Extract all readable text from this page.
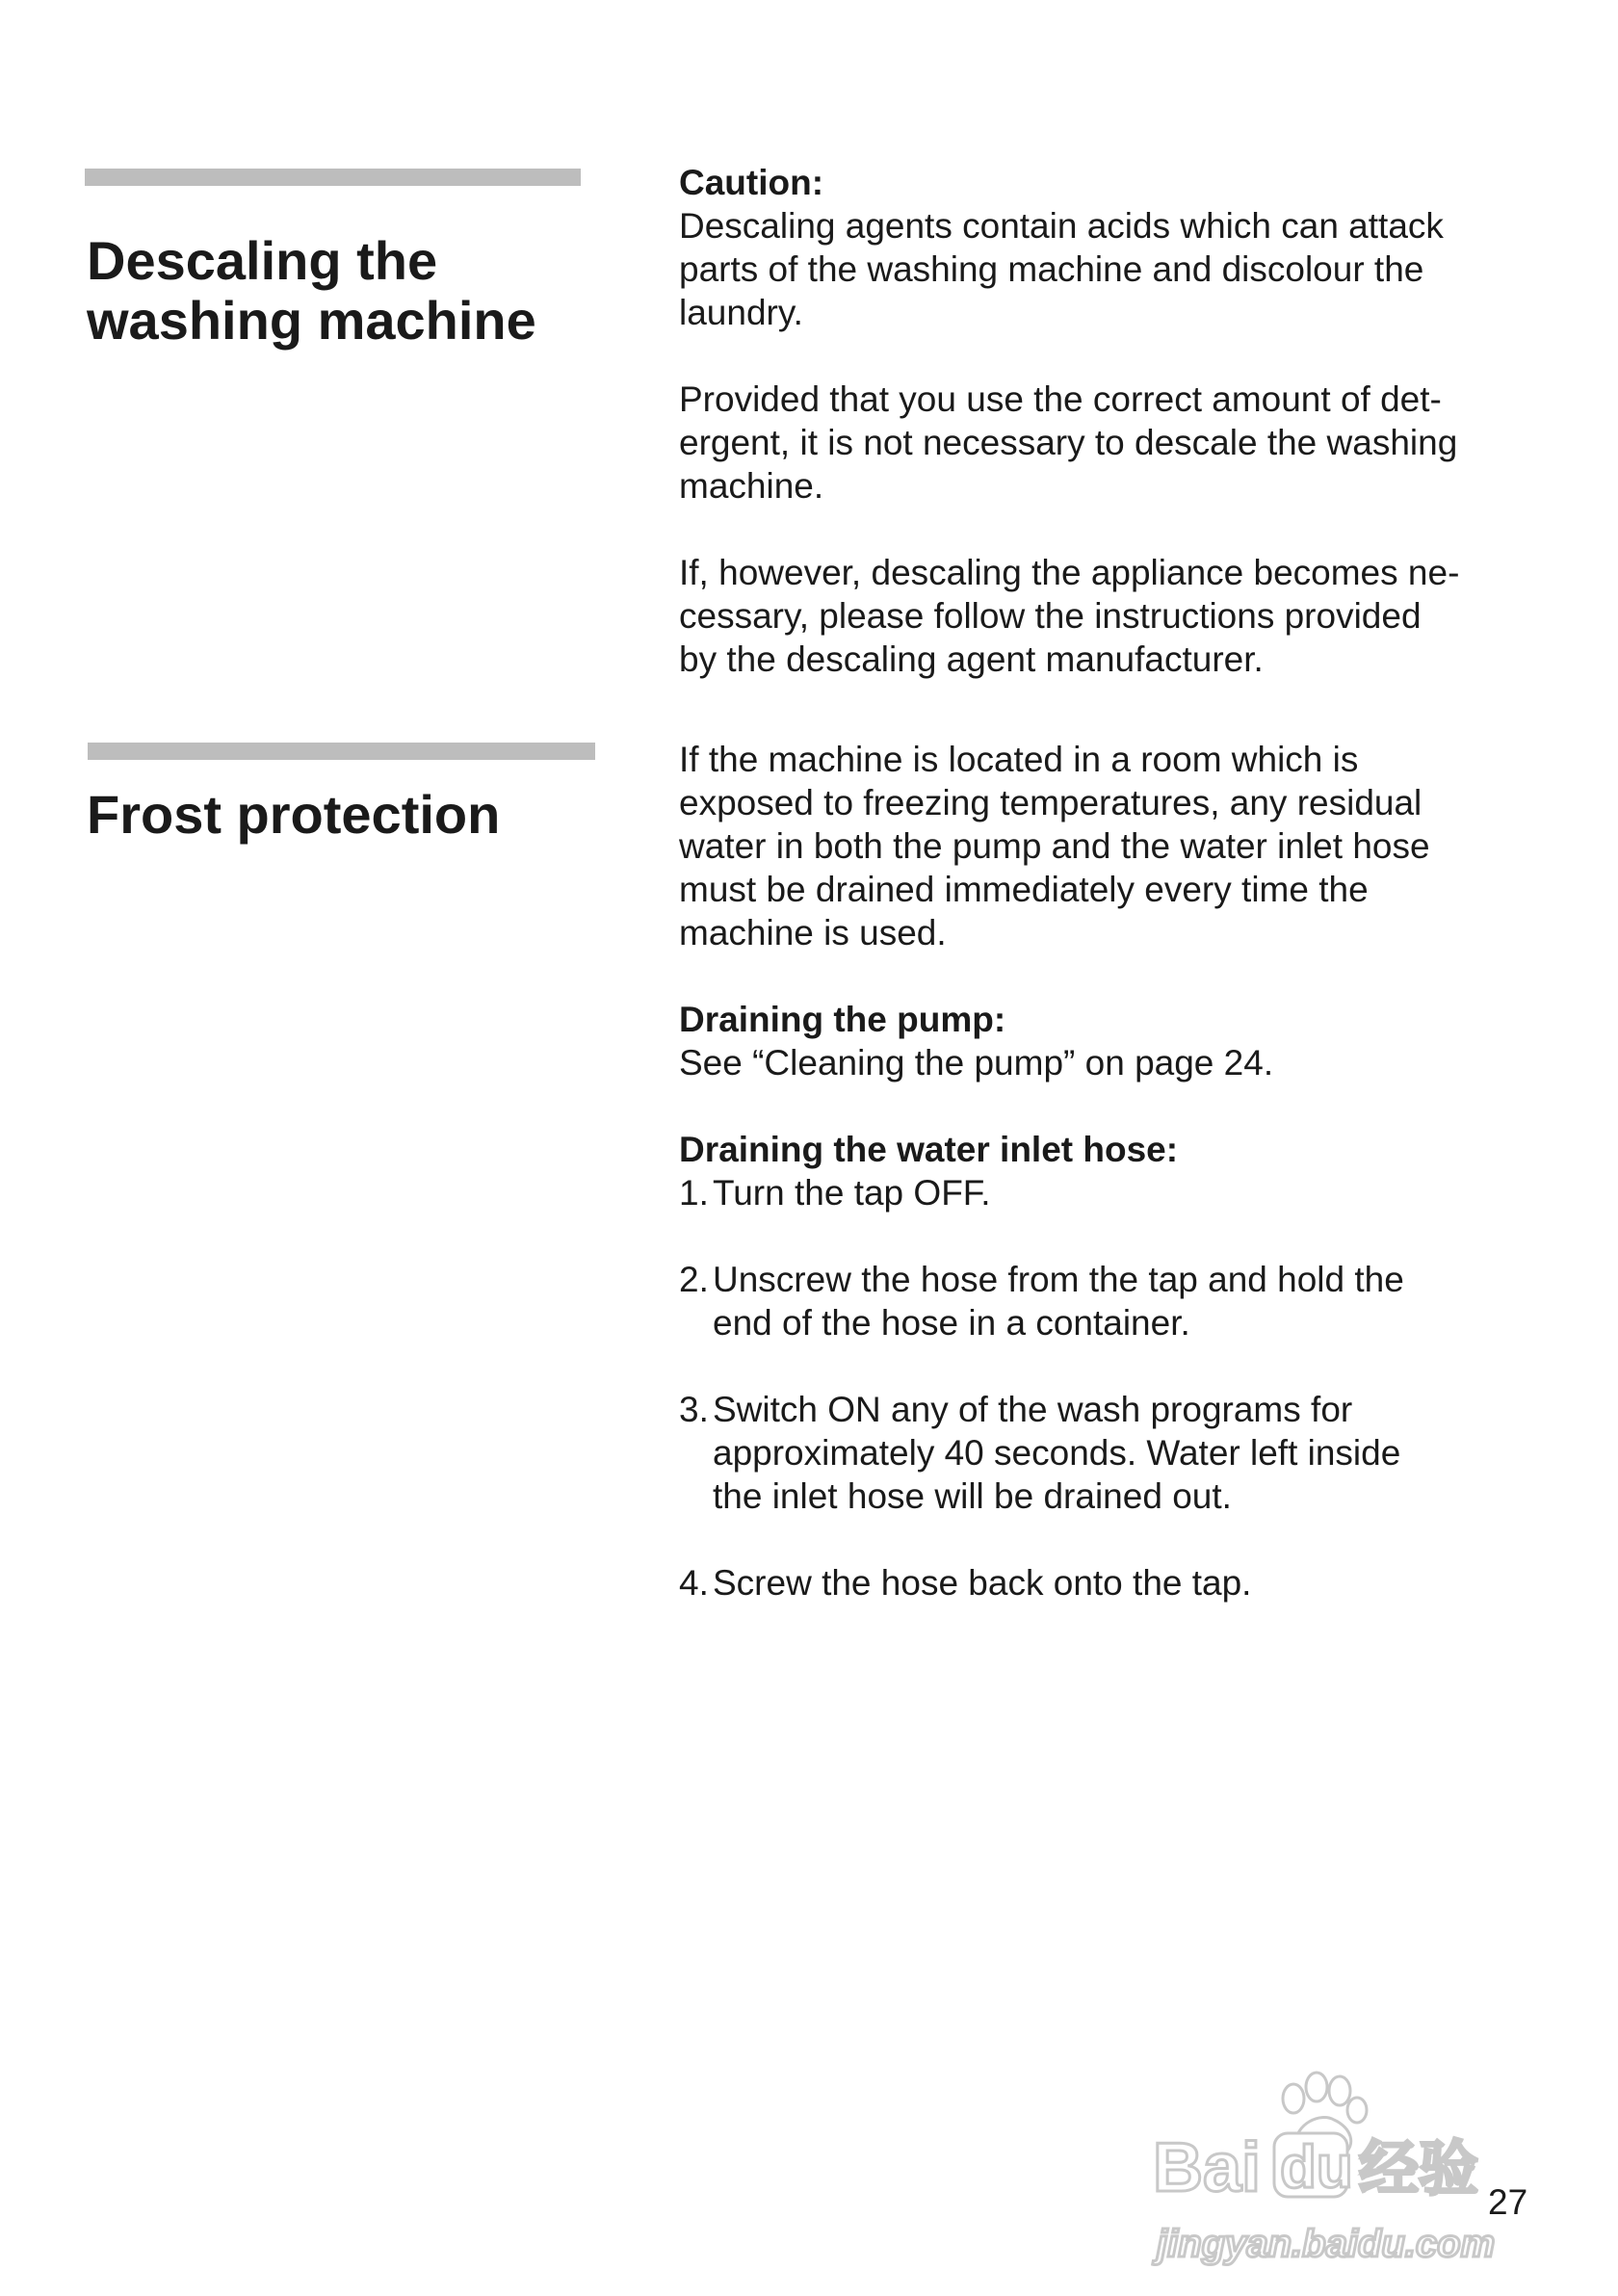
Descaling the
washing machine

Caution:

Descaling agents contain acids which can attack

parts of the washing machine and discolour the

laundry.

Provided that you use the correct amount of det-

ergent, it is not necessary to descale the washing

machine.

If, however, descaling the appliance becomes ne-

cessary, please follow the instructions provided

by the descaling agent manufacturer.

Frost protection

If the machine is located in a room which is

exposed to freezing temperatures, any residual

water in both the pump and the water inlet hose

must be drained immediately every time the

machine is used.

Draining the pump:

See “Cleaning the pump” on page 24.

Draining the water inlet hose:

1. Turn the tap OFF.
2. Unscrew the hose from the tap and hold the
end of the hose in a container.
3. Switch ON any of the wash programs for
approximately 40 seconds. Water left inside
the inlet hose will be drained out.
4. Screw the hose back onto the tap.
Bai du 经验
jingyan.baidu.com
27
